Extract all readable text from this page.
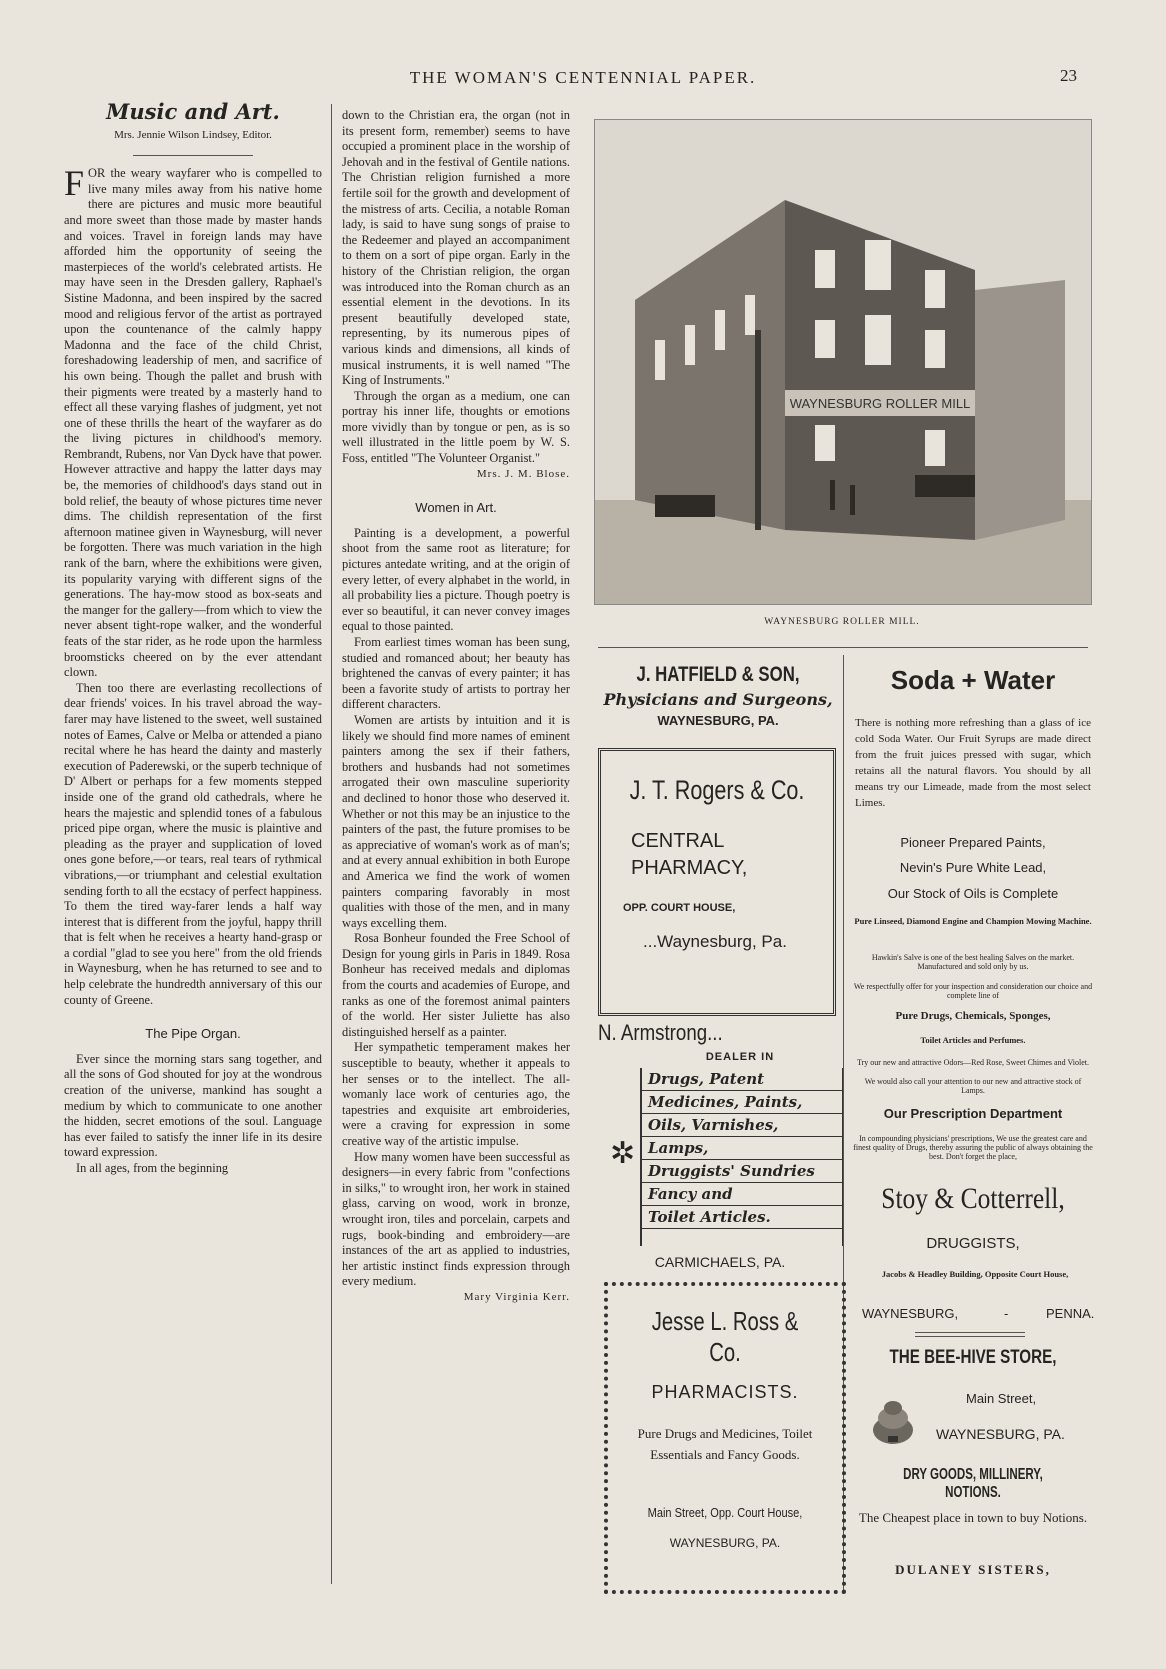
THE WOMAN'S CENTENNIAL PAPER.	23
Music and Art.
Mrs. Jennie Wilson Lindsey, Editor.

FOR the weary wayfarer who is compelled to live many miles away from his native home there are pictures and music more beautiful and more sweet than those made by master hands and voices. Travel in foreign lands may have afforded him the opportunity of seeing the masterpieces of the world's celebrated artists. He may have seen in the Dresden gallery, Raphael's Sistine Madonna, and been inspired by the sacred mood and religious fervor of the artist as portrayed upon the countenance of the calmly happy Madonna and the face of the child Christ, foreshadowing leadership of men, and sacrifice of his own being. Though the pallet and brush with their pigments were treated by a masterly hand to effect all these varying flashes of judgment, yet not one of these thrills the heart of the wayfarer as do the living pictures in childhood's memory. Rembrandt, Rubens, nor Van Dyck have that power. However attractive and happy the latter days may be, the memories of childhood's days stand out in bold relief, the beauty of whose pictures time never dims. The childish representation of the first afternoon matinee given in Waynesburg, will never be forgotten. There was much variation in the high rank of the barn, where the exhibitions were given, its popularity varying with different signs of the generations. The hay-mow stood as box-seats and the manger for the gallery—from which to view the never absent tight-rope walker, and the wonderful feats of the star rider, as he rode upon the harmless broomsticks cheered on by the ever attendant clown.

Then too there are everlasting recollections of dear friends' voices. In his travel abroad the way-farer may have listened to the sweet, well sustained notes of Eames, Calve or Melba or attended a piano recital where he has heard the dainty and masterly execution of Paderewski, or the superb technique of D' Albert or perhaps for a few moments stepped inside one of the grand old cathedrals, where he hears the majestic and splendid tones of a fabulous priced pipe organ, where the music is plaintive and pleading as the prayer and supplication of loved ones gone before,—or tears, real tears of rythmical vibrations,—or triumphant and celestial exultation sending forth to all the ecstacy of perfect happiness. To them the tired way-farer lends a half way interest that is different from the joyful, happy thrill that is felt when he receives a hearty hand-grasp or a cordial "glad to see you here" from the old friends in Waynesburg, when he has returned to see and to help celebrate the hundredth anniversary of this our county of Greene.

The Pipe Organ.

Ever since the morning stars sang together, and all the sons of God shouted for joy at the wondrous creation of the universe, mankind has sought a medium by which to communicate to one another the hidden, secret emotions of the soul. Language has ever failed to satisfy the inner life in its desire toward expression.

In all ages, from the beginning

down to the Christian era, the organ (not in its present form, remember) seems to have occupied a prominent place in the worship of Jehovah and in the festival of Gentile nations. The Christian religion furnished a more fertile soil for the growth and development of the mistress of arts. Cecilia, a notable Roman lady, is said to have sung songs of praise to the Redeemer and played an accompaniment to them on a sort of pipe organ. Early in the history of the Christian religion, the organ was introduced into the Roman church as an essential element in the devotions. In its present beautifully developed state, representing, by its numerous pipes of various kinds and dimensions, all kinds of musical instruments, it is well named "The King of Instruments."

Through the organ as a medium, one can portray his inner life, thoughts or emotions more vividly than by tongue or pen, as is so well illustrated in the little poem by W. S. Foss, entitled "The Volunteer Organist."

Mrs. J. M. Blose.
Women in Art.

Painting is a development, a powerful shoot from the same root as literature; for pictures antedate writing, and at the origin of every letter, of every alphabet in the world, in all probability lies a picture. Though poetry is ever so beautiful, it can never convey images equal to those painted.

From earliest times woman has been sung, studied and romanced about; her beauty has brightened the canvas of every painter; it has been a favorite study of artists to portray her different characters.

Women are artists by intuition and it is likely we should find more names of eminent painters among the sex if their fathers, brothers and husbands had not sometimes arrogated their own masculine superiority and declined to honor those who deserved it. Whether or not this may be an injustice to the painters of the past, the future promises to be as appreciative of woman's work as of man's; and at every annual exhibition in both Europe and America we find the work of women painters comparing favorably in most qualities with those of the men, and in many ways excelling them.

Rosa Bonheur founded the Free School of Design for young girls in Paris in 1849. Rosa Bonheur has received medals and diplomas from the courts and academies of Europe, and ranks as one of the foremost animal painters of the world. Her sister Juliette has also distinguished herself as a painter.

Her sympathetic temperament makes her susceptible to beauty, whether it appeals to her senses or to the intellect. The all-womanly lace work of centuries ago, the tapestries and exquisite art embroideries, were a craving for expression in some creative way of the artistic impulse.

How many women have been successful as designers—in every fabric from "confections in silks," to wrought iron, her work in stained glass, carving on wood, work in bronze, wrought iron, tiles and porcelain, carpets and rugs, book-binding and embroidery—are instances of the art as applied to industries, her artistic instinct finds expression through every medium.

Mary Virginia Kerr.
WAYNESBURG ROLLER MILL
WAYNESBURG ROLLER MILL.
J. HATFIELD & SON,
Physicians and Surgeons,
WAYNESBURG, PA.
J. T. Rogers & Co.
CENTRAL
PHARMACY,
OPP. COURT HOUSE,
...Waynesburg, Pa.
N. Armstrong...
DEALER IN
✲
Drugs, Patent
Medicines, Paints,
Oils, Varnishes,
Lamps,
Druggists' Sundries
Fancy and
Toilet Articles.
CARMICHAELS, PA.
Jesse L. Ross & Co.
PHARMACISTS.
Pure Drugs and Medicines, Toilet Essentials and Fancy Goods.
Main Street, Opp. Court House,
WAYNESBURG, PA.
Soda + Water
There is nothing more refreshing than a glass of ice cold Soda Water. Our Fruit Syrups are made direct from the fruit juices pressed with sugar, which retains all the natural flavors. You should by all means try our Limeade, made from the most select Limes.
Pioneer Prepared Paints,
Nevin's Pure White Lead,
Our Stock of Oils is Complete
Pure Linseed, Diamond Engine and Champion Mowing Machine.
Hawkin's Salve is one of the best healing Salves on the market. Manufactured and sold only by us.
We respectfully offer for your inspection and consideration our choice and complete line of
Pure Drugs, Chemicals, Sponges,
Toilet Articles and Perfumes.
Try our new and attractive Odors—Red Rose, Sweet Chimes and Violet.
We would also call your attention to our new and attractive stock of Lamps.
Our Prescription Department
In compounding physicians' prescriptions, We use the greatest care and finest quality of Drugs, thereby assuring the public of always obtaining the best. Don't forget the place,
Stoy & Cotterrell,
DRUGGISTS,
Jacobs & Headley Building, Opposite Court House,
WAYNESBURG,	-	PENNA.
THE BEE-HIVE STORE,
Main Street,
WAYNESBURG, PA.
DRY GOODS, MILLINERY, NOTIONS.
The Cheapest place in town to buy Notions.
DULANEY SISTERS,
